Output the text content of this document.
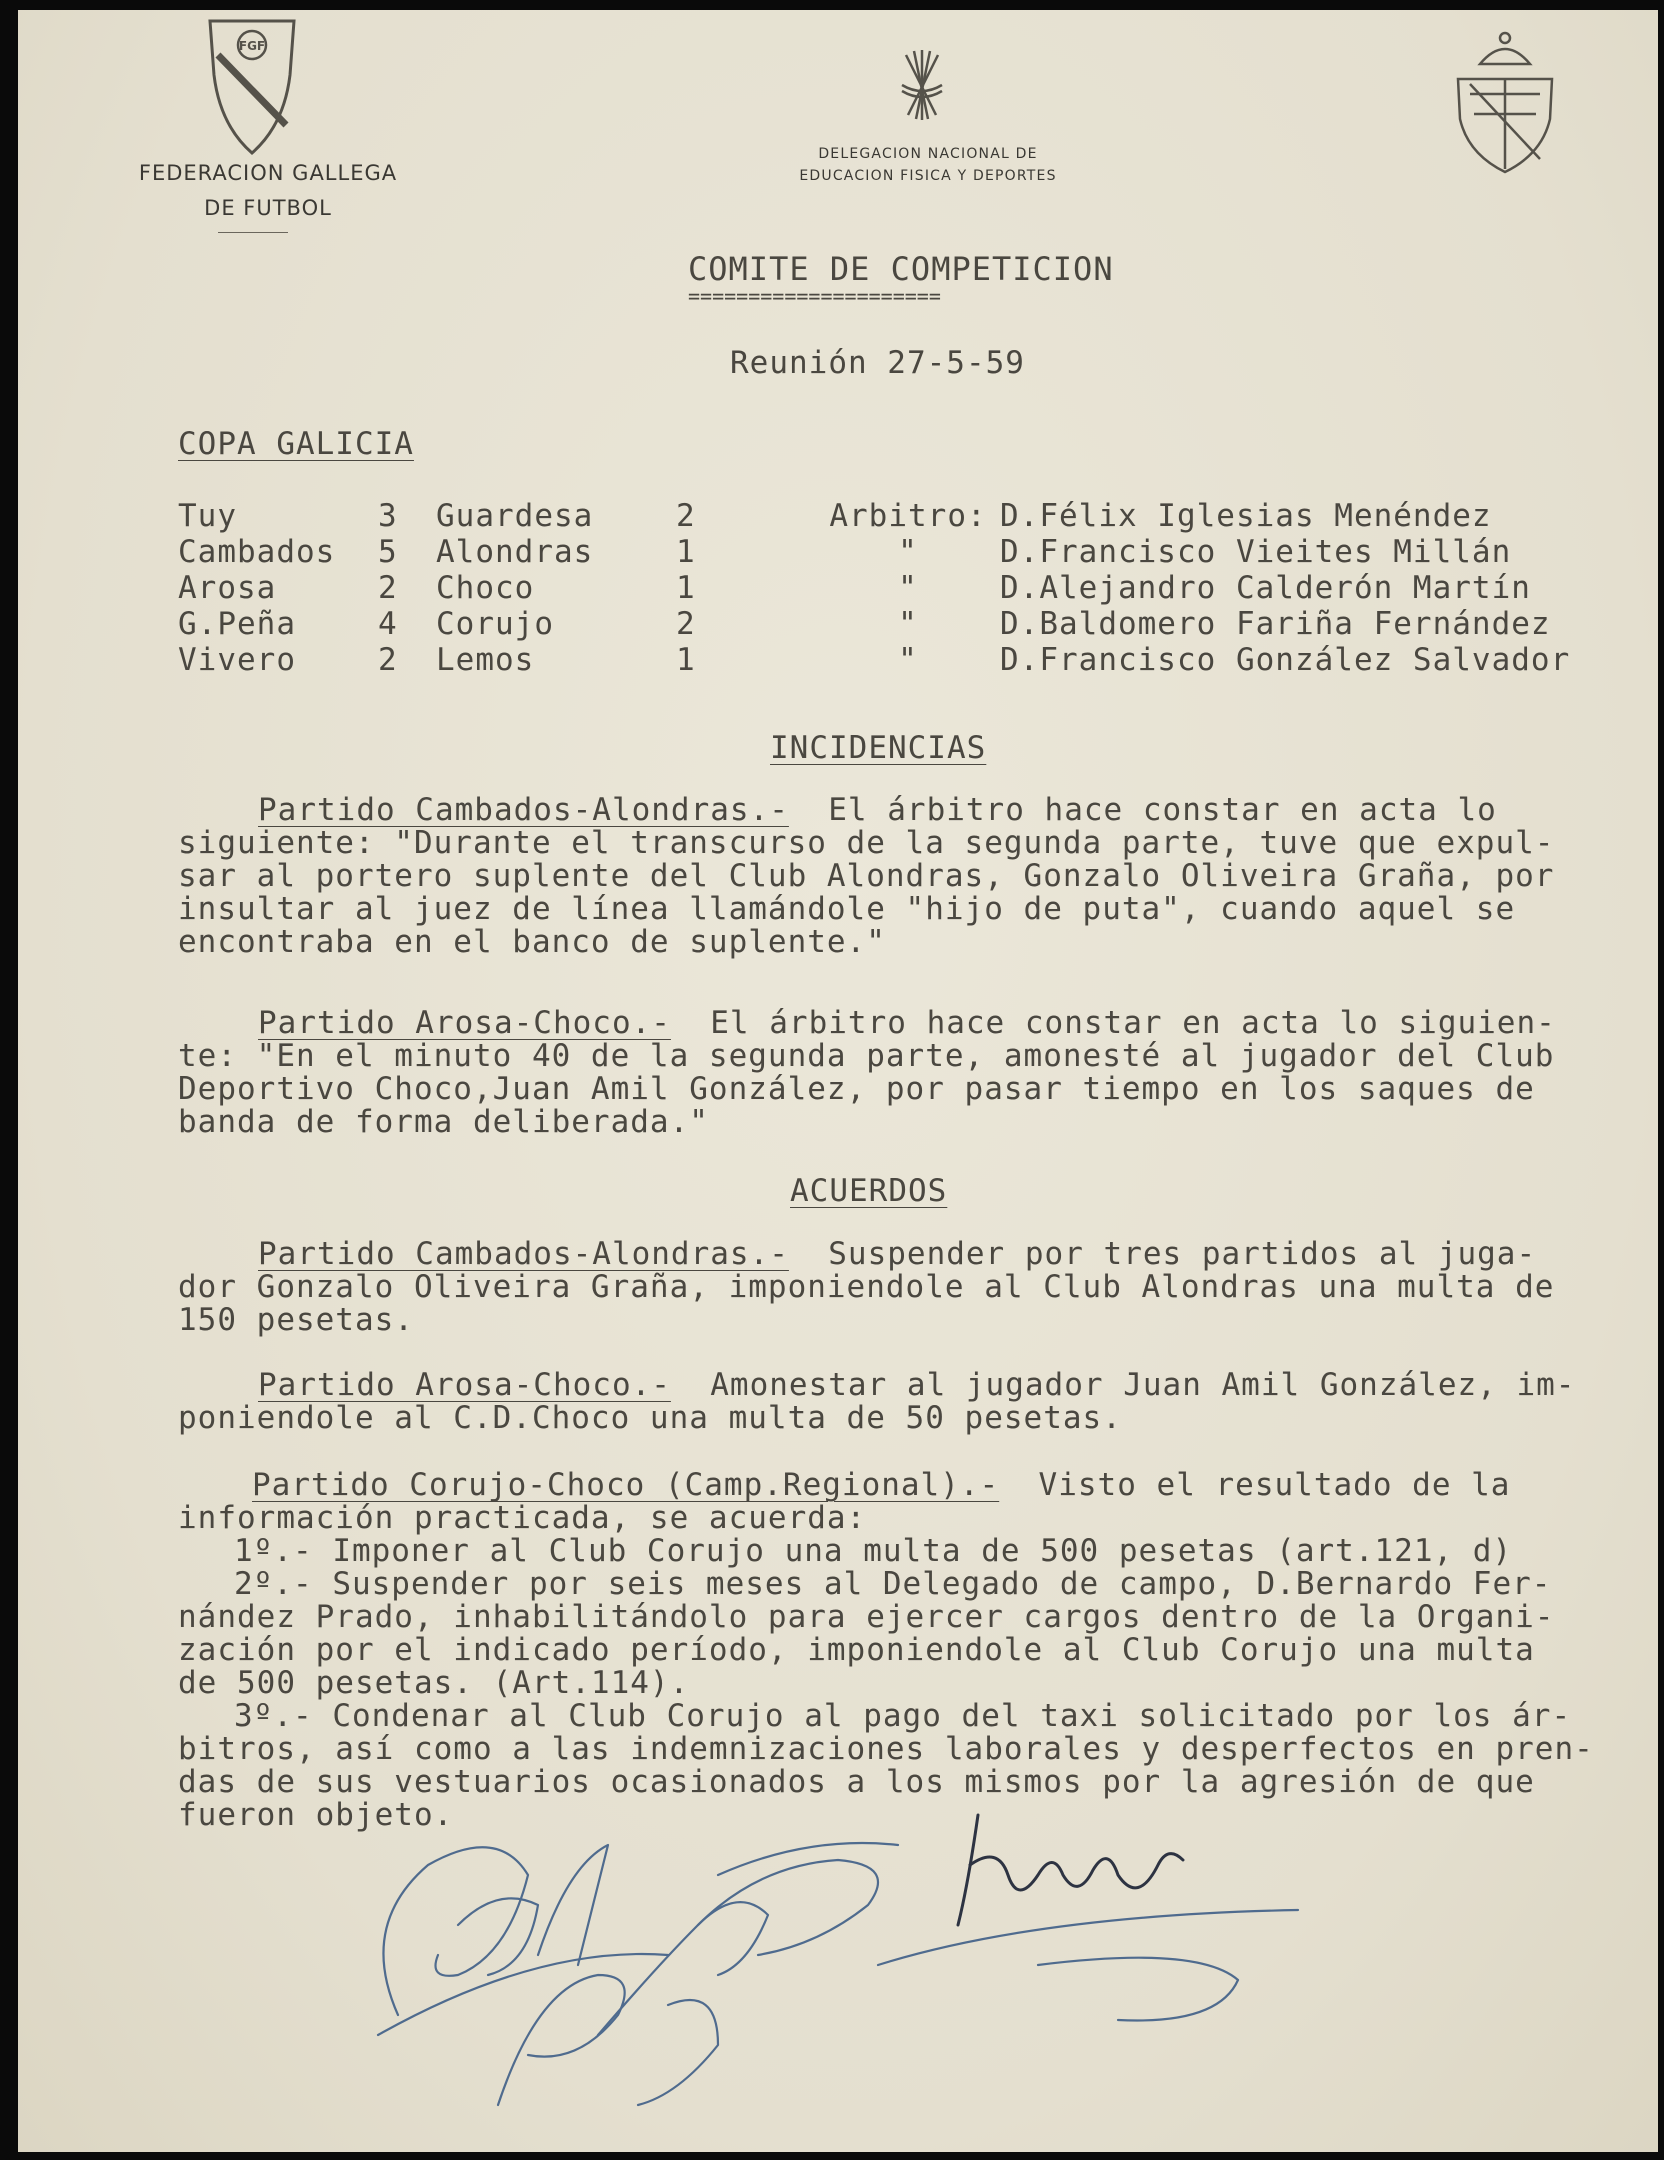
FGF
FEDERACION GALLEGA
DE FUTBOL
DELEGACION NACIONAL DE
EDUCACION FISICA Y DEPORTES
COMITE DE COMPETICION
=====================
Reunión 27-5-59
COPA GALICIA
Tuy	3	Guardesa	2	Arbitro:	D.Félix Iglesias Menéndez
Cambados	5	Alondras	1	"	D.Francisco Vieites Millán
Arosa	2	Choco	1	"	D.Alejandro Calderón Martín
G.Peña	4	Corujo	2	"	D.Baldomero Fariña Fernández
Vivero	2	Lemos	1	"	D.Francisco González Salvador
INCIDENCIAS
Partido Cambados-Alondras.- El árbitro hace constar en acta lo
siguiente: "Durante el transcurso de la segunda parte, tuve que expul-
sar al portero suplente del Club Alondras, Gonzalo Oliveira Graña, por
insultar al juez de línea llamándole "hijo de puta", cuando aquel se
encontraba en el banco de suplente."
Partido Arosa-Choco.- El árbitro hace constar en acta lo siguien-
te: "En el minuto 40 de la segunda parte, amonesté al jugador del Club
Deportivo Choco,Juan Amil González, por pasar tiempo en los saques de
banda de forma deliberada."
ACUERDOS
Partido Cambados-Alondras.- Suspender por tres partidos al juga-
dor Gonzalo Oliveira Graña, imponiendole al Club Alondras una multa de
150 pesetas.
Partido Arosa-Choco.- Amonestar al jugador Juan Amil González, im-
poniendole al C.D.Choco una multa de 50 pesetas.
Partido Corujo-Choco (Camp.Regional).- Visto el resultado de la
información practicada, se acuerda:
1º.- Imponer al Club Corujo una multa de 500 pesetas (art.121, d)
2º.- Suspender por seis meses al Delegado de campo, D.Bernardo Fer-
nández Prado, inhabilitándolo para ejercer cargos dentro de la Organi-
zación por el indicado período, imponiendole al Club Corujo una multa
de 500 pesetas. (Art.114).
3º.- Condenar al Club Corujo al pago del taxi solicitado por los ár-
bitros, así como a las indemnizaciones laborales y desperfectos en pren-
das de sus vestuarios ocasionados a los mismos por la agresión de que
fueron objeto.
